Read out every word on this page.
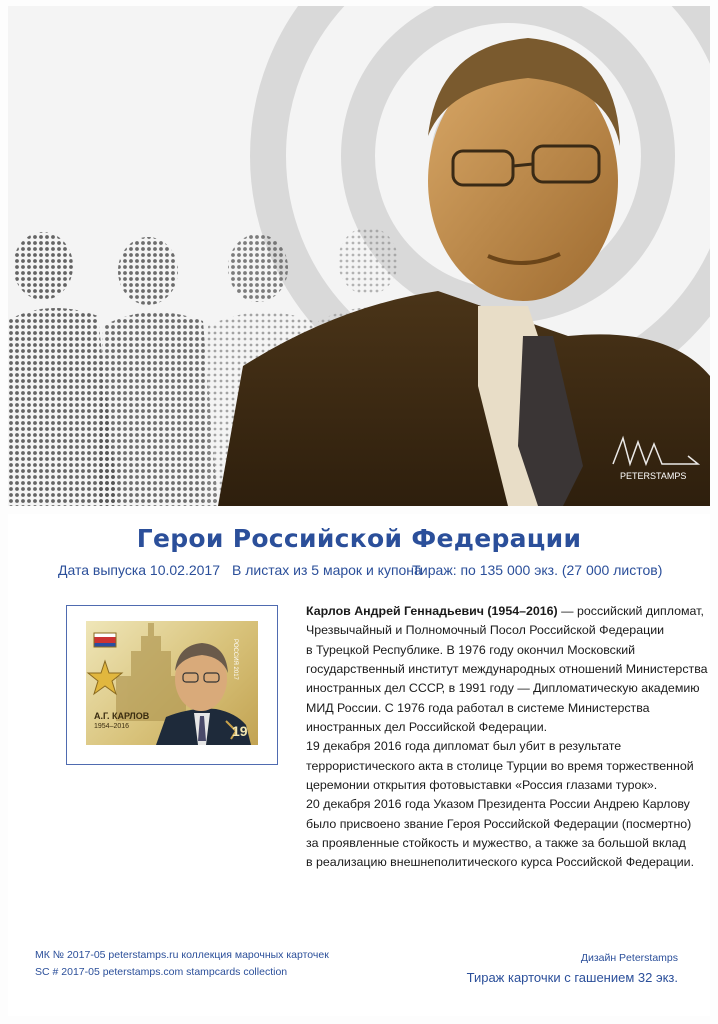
PETERSTAMPS
Герои Российской Федерации
Дата выпуска 10.02.2017 В листах из 5 марок и купона
Тираж: по 135 000 экз. (27 000 листов)
А.Г. КАРЛОВ
1954–2016
РОССИЯ 2017
19
Карлов Андрей Геннадьевич (1954–2016) — российский дипломат,
Чрезвычайный и Полномочный Посол Российской Федерации
в Турецкой Республике. В 1976 году окончил Московский
государственный институт международных отношений Министерства
иностранных дел СССР, в 1991 году — Дипломатическую академию
МИД России. С 1976 года работал в системе Министерства
иностранных дел Российской Федерации.
19 декабря 2016 года дипломат был убит в результате
террористического акта в столице Турции во время торжественной
церемонии открытия фотовыставки «Россия глазами турок».
20 декабря 2016 года Указом Президента России Андрею Карлову
было присвоено звание Героя Российской Федерации (посмертно)
за проявленные стойкость и мужество, а также за большой вклад
в реализацию внешнеполитического курса Российской Федерации.
МК № 2017-05 peterstamps.ru коллекция марочных карточек
SC # 2017-05 peterstamps.com stampcards collection
Дизайн Peterstamps
Тираж карточки с гашением 32 экз.
